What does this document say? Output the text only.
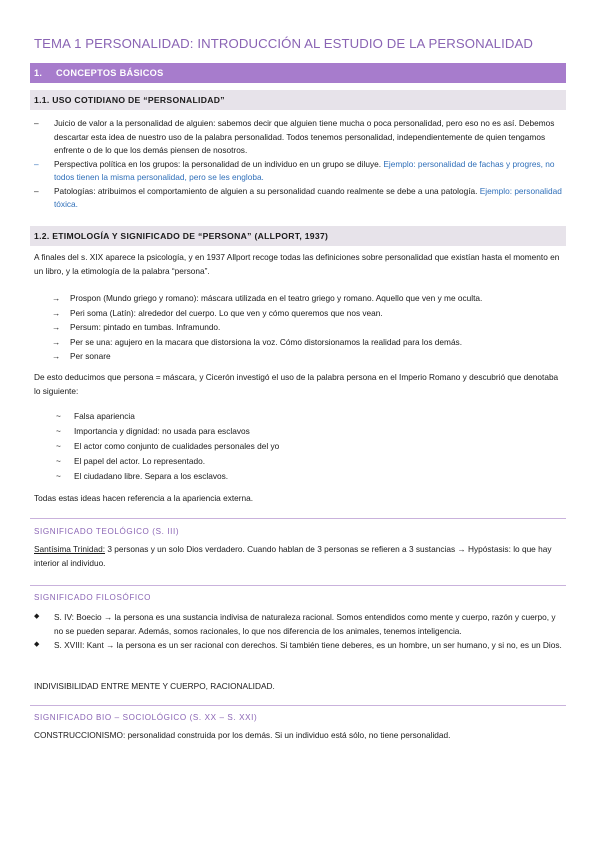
TEMA 1 PERSONALIDAD: INTRODUCCIÓN AL ESTUDIO DE LA PERSONALIDAD
1. CONCEPTOS BÁSICOS
1.1. USO COTIDIANO DE “PERSONALIDAD”
– Juicio de valor a la personalidad de alguien: sabemos decir que alguien tiene mucha o poca personalidad, pero eso no es así. Debemos descartar esta idea de nuestro uso de la palabra personalidad. Todos tenemos personalidad, independientemente de quien tengamos enfrente o de lo que los demás piensen de nosotros.
– Perspectiva política en los grupos: la personalidad de un individuo en un grupo se diluye. Ejemplo: personalidad de fachas y progres, no todos tienen la misma personalidad, pero se les engloba.
– Patologías: atribuimos el comportamiento de alguien a su personalidad cuando realmente se debe a una patología. Ejemplo: personalidad tóxica.
1.2. ETIMOLOGÍA Y SIGNIFICADO DE “PERSONA” (ALLPORT, 1937)
A finales del s. XIX aparece la psicología, y en 1937 Allport recoge todas las definiciones sobre personalidad que existían hasta el momento en un libro, y la etimología de la palabra “persona”.
→ Prospon (Mundo griego y romano): máscara utilizada en el teatro griego y romano. Aquello que ven y me oculta.
→ Peri soma (Latín): alrededor del cuerpo. Lo que ven y cómo queremos que nos vean.
→ Persum: pintado en tumbas. Inframundo.
→ Per se una: agujero en la macara que distorsiona la voz. Cómo distorsionamos la realidad para los demás.
→ Per sonare
De esto deducimos que persona = máscara, y Cicerón investigó el uso de la palabra persona en el Imperio Romano y descubrió que denotaba lo siguiente:
~ Falsa apariencia
~ Importancia y dignidad: no usada para esclavos
~ El actor como conjunto de cualidades personales del yo
~ El papel del actor. Lo representado.
~ El ciudadano libre. Separa a los esclavos.
Todas estas ideas hacen referencia a la apariencia externa.
SIGNIFICADO TEOLÓGICO (S. III)
Santísima Trinidad: 3 personas y un solo Dios verdadero. Cuando hablan de 3 personas se refieren a 3 sustancias → Hypóstasis: lo que hay interior al individuo.
SIGNIFICADO FILOSÓFICO
◆ S. IV: Boecio → la persona es una sustancia indivisa de naturaleza racional. Somos entendidos como mente y cuerpo, razón y cuerpo, y no se pueden separar. Además, somos racionales, lo que nos diferencia de los animales, tenemos inteligencia.
◆ S. XVIII: Kant → la persona es un ser racional con derechos. Si también tiene deberes, es un hombre, un ser humano, y si no, es un Dios.
INDIVISIBILIDAD ENTRE MENTE Y CUERPO, RACIONALIDAD.
SIGNIFICADO BIO – SOCIOLÓGICO (S. XX – S. XXI)
CONSTRUCCIONISMO: personalidad construida por los demás. Si un individuo está sólo, no tiene personalidad.
